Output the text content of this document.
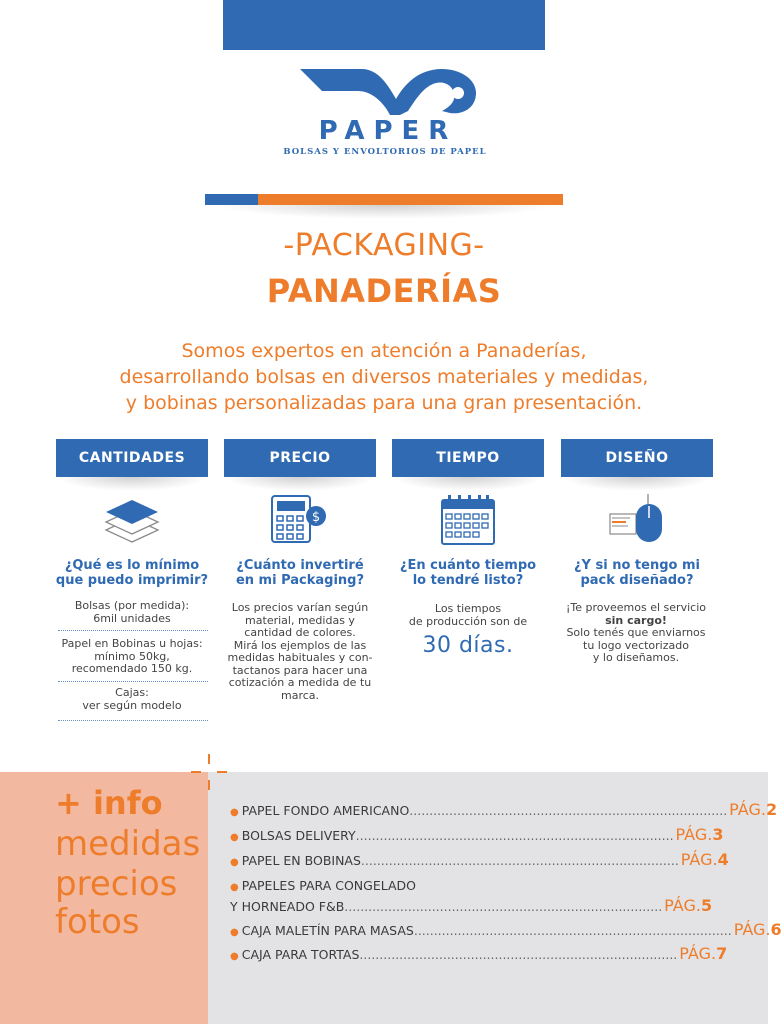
PAPER
BOLSAS Y ENVOLTORIOS DE PAPEL
-PACKAGING-
PANADERÍAS
Somos expertos en atención a Panaderías,
desarrollando bolsas en diversos materiales y medidas,
y bobinas personalizadas para una gran presentación.
CANTIDADES	PRECIO	TIEMPO	DISEÑO
$
¿Qué es lo mínimo
que puedo imprimir?
¿Cuánto invertiré
en mi Packaging?
¿En cuánto tiempo
lo tendré listo?
¿Y si no tengo mi
pack diseñado?
Bolsas (por medida):
6mil unidades
Papel en Bobinas u hojas:
mínimo 50kg,
recomendado 150 kg.
Cajas:
ver según modelo
Los precios varían según
material, medidas y
cantidad de colores.
Mirá los ejemplos de las
medidas habituales y con-
tactanos para hacer una
cotización a medida de tu
marca.
Los tiempos
de producción son de
30 días.
¡Te proveemos el servicio
sin cargo!
Solo tenés que enviarnos
tu logo vectorizado
y lo diseñamos.
+ info
medidas
precios
fotos
● PAPEL FONDO AMERICANO ................................................................................ PÁG. 2
● BOLSAS DELIVERY ................................................................................ PÁG. 3
● PAPEL EN BOBINAS ................................................................................ PÁG. 4
● PAPELES PARA CONGELADO
Y HORNEADO F&B ................................................................................ PÁG. 5
● CAJA MALETÍN PARA MASAS ................................................................................ PÁG. 6
● CAJA PARA TORTAS ................................................................................ PÁG. 7
